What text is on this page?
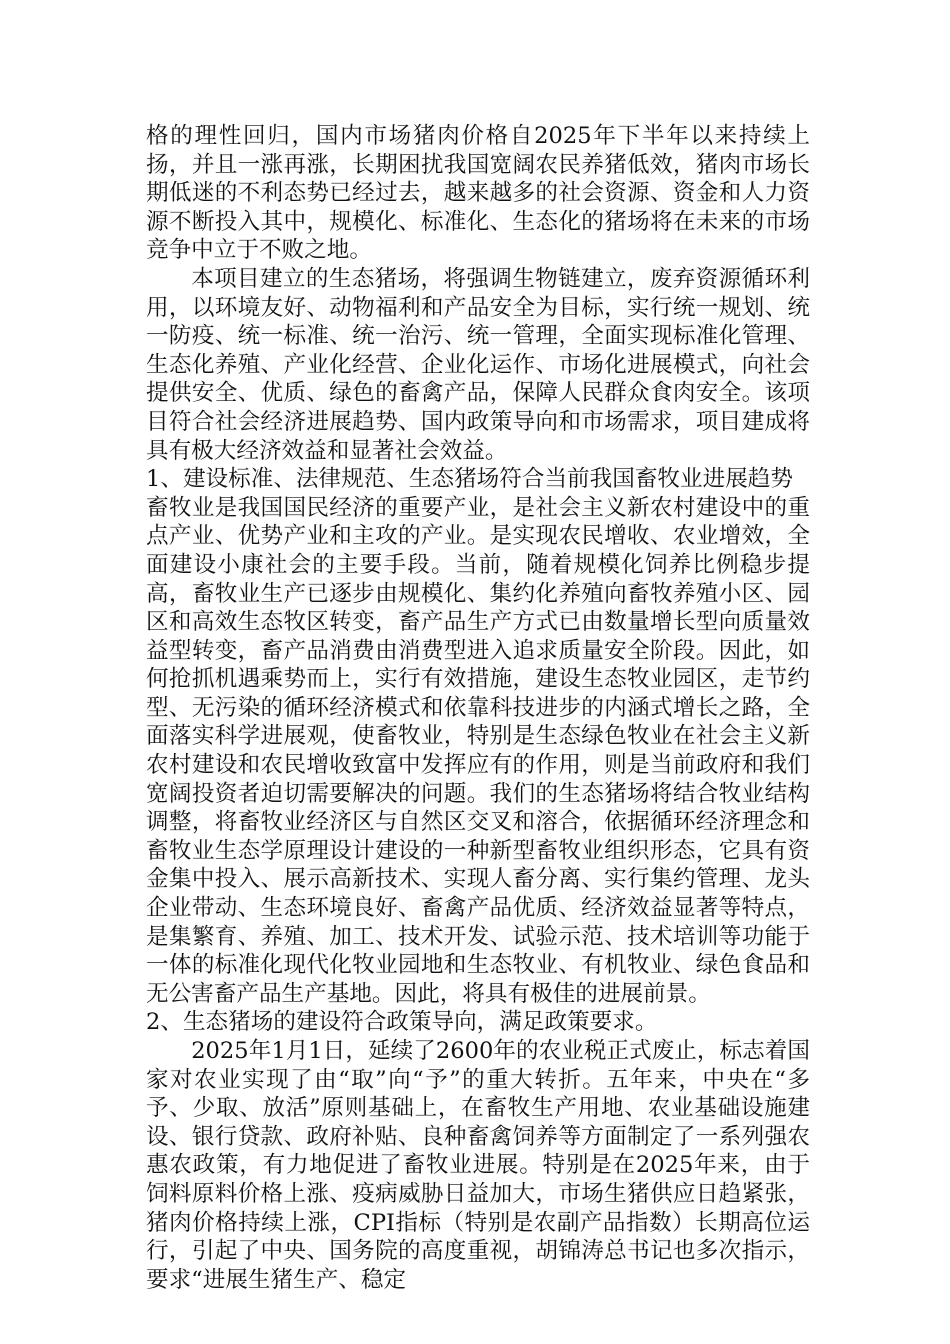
格的理性回归，国内市场猪肉价格自2025年下半年以来持续上扬，并且一涨再涨，长期困扰我国宽阔农民养猪低效，猪肉市场长期低迷的不利态势已经过去，越来越多的社会资源、资金和人力资源不断投入其中，规模化、标准化、生态化的猪场将在未来的市场竞争中立于不败之地。

本项目建立的生态猪场，将强调生物链建立，废弃资源循环利用，以环境友好、动物福利和产品安全为目标，实行统一规划、统一防疫、统一标准、统一治污、统一管理，全面实现标准化管理、生态化养殖、产业化经营、企业化运作、市场化进展模式，向社会提供安全、优质、绿色的畜禽产品，保障人民群众食肉安全。该项目符合社会经济进展趋势、国内政策导向和市场需求，项目建成将具有极大经济效益和显著社会效益。

1、建设标准、法律规范、生态猪场符合当前我国畜牧业进展趋势

畜牧业是我国国民经济的重要产业，是社会主义新农村建设中的重点产业、优势产业和主攻的产业。是实现农民增收、农业增效，全面建设小康社会的主要手段。当前，随着规模化饲养比例稳步提高，畜牧业生产已逐步由规模化、集约化养殖向畜牧养殖小区、园区和高效生态牧区转变，畜产品生产方式已由数量增长型向质量效益型转变，畜产品消费由消费型进入追求质量安全阶段。因此，如何抢抓机遇乘势而上，实行有效措施，建设生态牧业园区，走节约型、无污染的循环经济模式和依靠科技进步的内涵式增长之路，全面落实科学进展观，使畜牧业，特别是生态绿色牧业在社会主义新农村建设和农民增收致富中发挥应有的作用，则是当前政府和我们宽阔投资者迫切需要解决的问题。我们的生态猪场将结合牧业结构调整，将畜牧业经济区与自然区交叉和溶合，依据循环经济理念和畜牧业生态学原理设计建设的一种新型畜牧业组织形态，它具有资金集中投入、展示高新技术、实现人畜分离、实行集约管理、龙头企业带动、生态环境良好、畜禽产品优质、经济效益显著等特点，是集繁育、养殖、加工、技术开发、试验示范、技术培训等功能于一体的标准化现代化牧业园地和生态牧业、有机牧业、绿色食品和无公害畜产品生产基地。因此，将具有极佳的进展前景。

2、生态猪场的建设符合政策导向，满足政策要求。

2025年1月1日，延续了2600年的农业税正式废止，标志着国家对农业实现了由“取”向“予”的重大转折。五年来，中央在“多予、少取、放活”原则基础上，在畜牧生产用地、农业基础设施建设、银行贷款、政府补贴、良种畜禽饲养等方面制定了一系列强农惠农政策，有力地促进了畜牧业进展。特别是在2025年来，由于饲料原料价格上涨、疫病威胁日益加大，市场生猪供应日趋紧张，猪肉价格持续上涨，CPI指标（特别是农副产品指数）长期高位运行，引起了中央、国务院的高度重视，胡锦涛总书记也多次指示，要求“进展生猪生产、稳定
